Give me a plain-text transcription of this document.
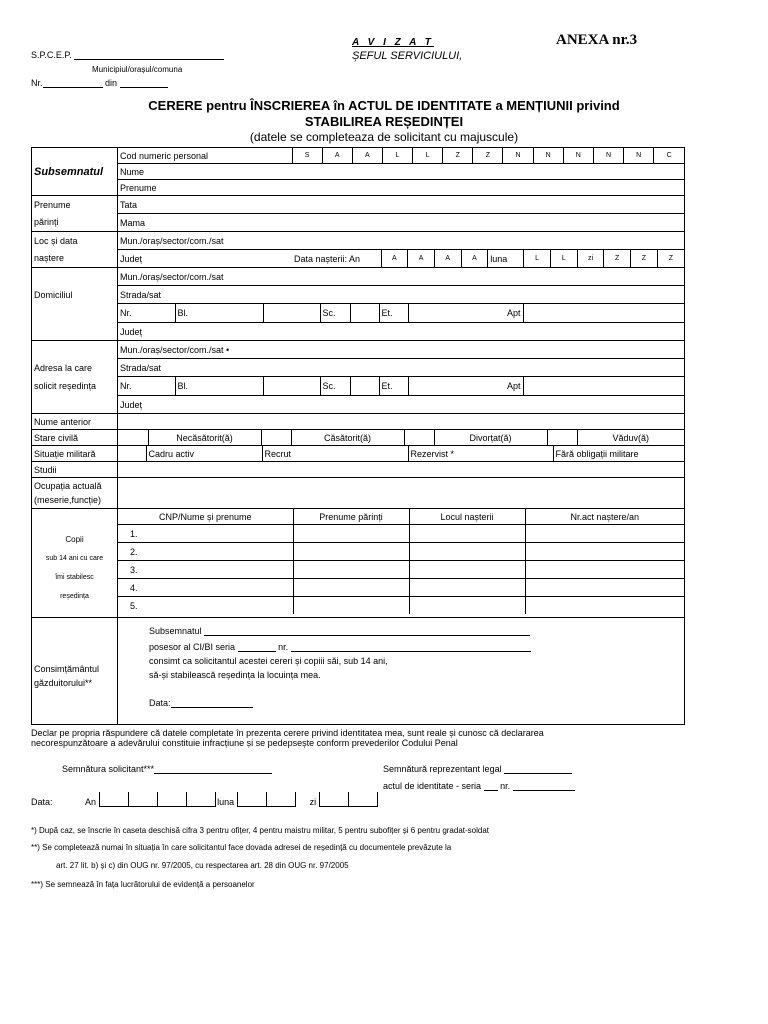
S.P.C.E.P.
Municipiul/orașul/comuna
Nr.	din
A V I Z A T
ȘEFUL SERVICIULUI,
ANEXA nr.3
CERERE pentru ÎNSCRIEREA în ACTUL DE IDENTITATE a MENȚIUNII privind
STABILIREA REȘEDINȚEI
(datele se completeaza de solicitant cu majuscule)

Cod numeric personal	S	A	A	L	L	Z	Z	N	N	N	N	N	C

Subsemnatul	Nume
	Prenume
Prenume	Tata
părinți	Mama
Loc și data	Mun./oraș/sector/com./sat
naștere		Județ	Data nașterii: An	A	A	A	A	luna	L	L	zi	Z	Z	Z

	Mun./oraș/sector/com./sat
Domiciliul	Strada/sat

Nr.	Bl.		Sc.		Et.		Apt	

	Județ
	Mun./oraș/sector/com./sat •
Adresa la care	Strada/sat
solicit reședința		Nr.	Bl.		Sc.		Et.		Apt	

	Județ
Nume anterior	
Stare civilă	
		Necăsătorit(ă)		Căsătorit(ă)		Divorțat(ă)		Văduv(ă)

Situație militară	
		Cadru activ	Recrut	Rezervist *	Fără obligații militare

Studii	
Ocupația actuală
(meserie,funcție)	

Copii
sub 14 ani cu care
îmi stabilesc
reședința

CNP/Nume și prenume	Prenume părinți	Locul nașterii	Nr.act naștere/an
1.			
2.			
3.			
4.			
5.			

Consimțământul
găzduitorului**	
Subsemnatul
posesor al CI/BI seria	nr.
consimt ca solicitantul acestei cereri și copiii săi, sub 14 ani,
să-și stabilească reședința la locuința mea.
Data:
Declar pe propria răspundere că datele completate în prezenta cerere privind identitatea mea, sunt reale și cunosc că declararea
necorespunzătoare a adevărului constituie infracțiune și se pedepsește conform prevederilor Codului Penal
Semnătura solicitant***	Semnătură reprezentant legal
actul de identitate - seria nr.
Data:	An	luna	zi
*) După caz, se înscrie în caseta deschisă cifra 3 pentru ofițer, 4 pentru maistru militar, 5 pentru subofițer și 6 pentru gradat-soldat
**) Se completează numai în situația în care solicitantul face dovada adresei de reședință cu documentele prevăzute la
art. 27 lit. b) și c) din OUG nr. 97/2005, cu respectarea art. 28 din OUG nr. 97/2005
***) Se semnează în fața lucrătorului de evidență a persoanelor
